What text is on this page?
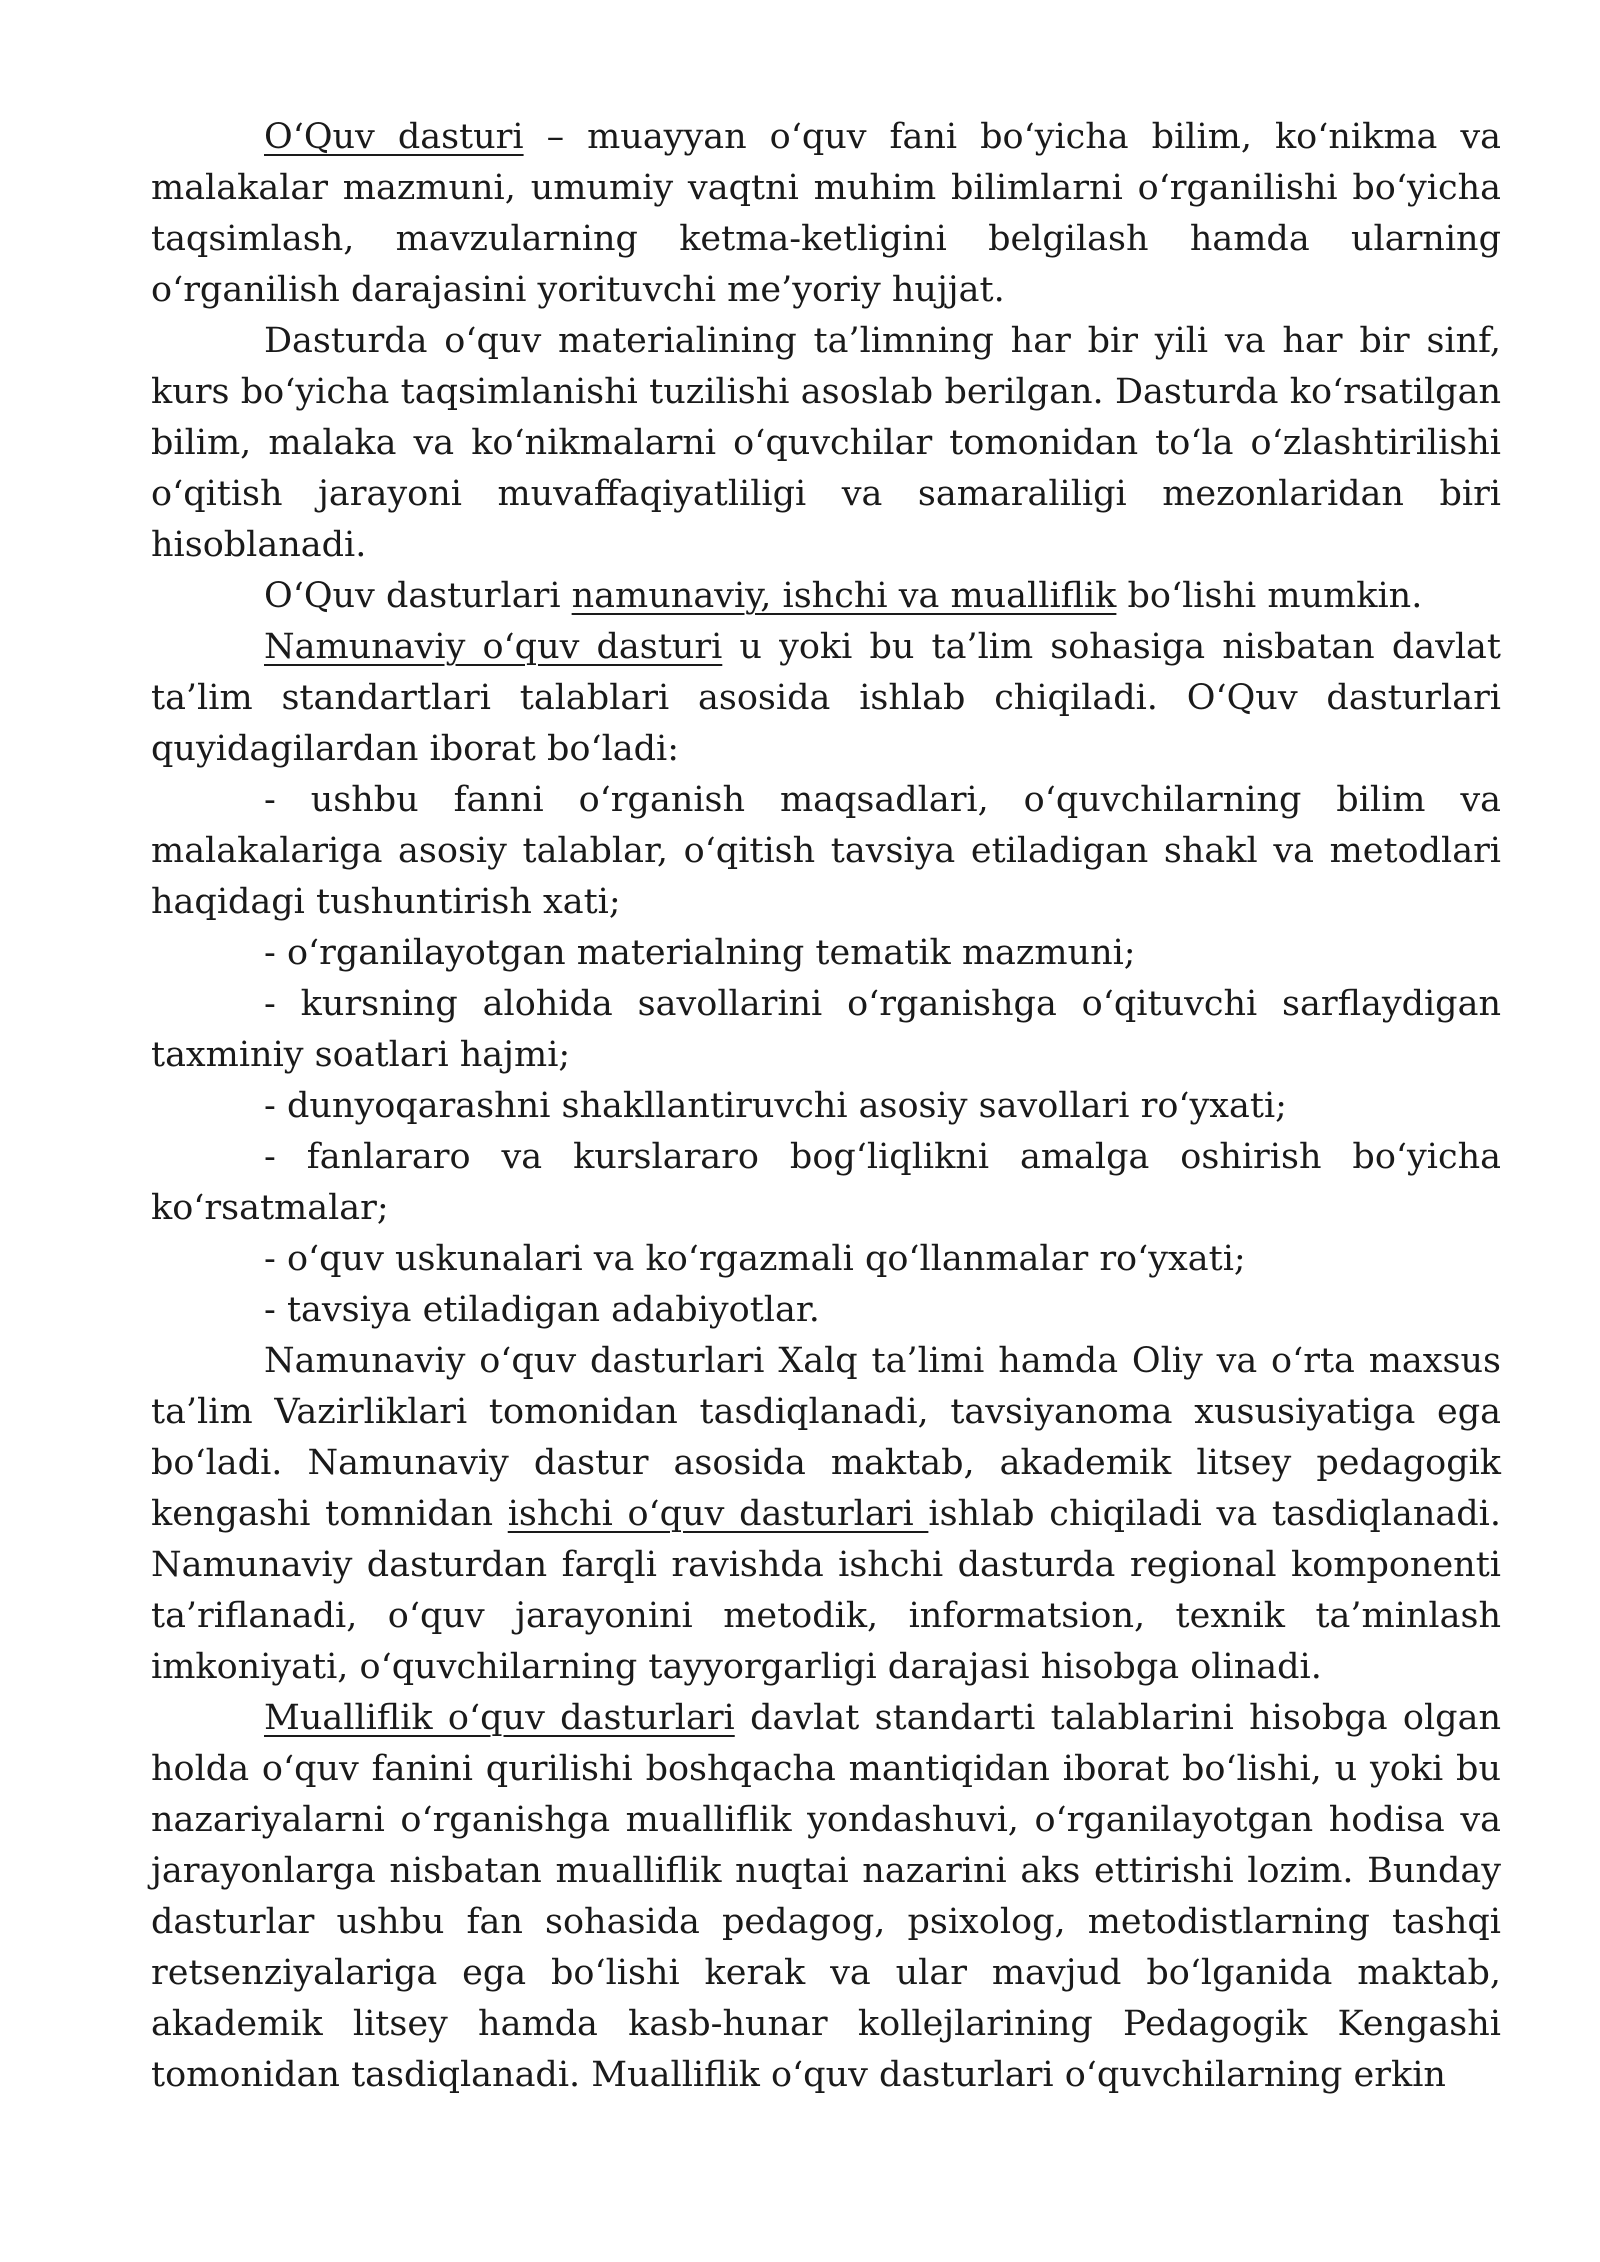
O‘Quv dasturi – muayyan o‘quv fani bo‘yicha bilim, ko‘nikma va malakalar mazmuni, umumiy vaqtni muhim bilimlarni o‘rganilishi bo‘yicha taqsimlash, mavzularning ketma-ketligini belgilash hamda ularning o‘rganilish darajasini yorituvchi me’yoriy hujjat.

Dasturda o‘quv materialining ta’limning har bir yili va har bir sinf, kurs bo‘yicha taqsimlanishi tuzilishi asoslab berilgan. Dasturda ko‘rsatilgan bilim, malaka va ko‘nikmalarni o‘quvchilar tomonidan to‘la o‘zlashtirilishi o‘qitish jarayoni muvaffaqiyatliligi va samaraliligi mezonlaridan biri hisoblanadi.

O‘Quv dasturlari namunaviy, ishchi va mualliflik bo‘lishi mumkin.

Namunaviy o‘quv dasturi u yoki bu ta’lim sohasiga nisbatan davlat ta’lim standartlari talablari asosida ishlab chiqiladi. O‘Quv dasturlari quyidagilardan iborat bo‘ladi:

- ushbu fanni o‘rganish maqsadlari, o‘quvchilarning bilim va malakalariga asosiy talablar, o‘qitish tavsiya etiladigan shakl va metodlari haqidagi tushuntirish xati;

- o‘rganilayotgan materialning tematik mazmuni;

- kursning alohida savollarini o‘rganishga o‘qituvchi sarflaydigan taxminiy soatlari hajmi;

- dunyoqarashni shakllantiruvchi asosiy savollari ro‘yxati;

- fanlararo va kurslararo bog‘liqlikni amalga oshirish bo‘yicha ko‘rsatmalar;

- o‘quv uskunalari va ko‘rgazmali qo‘llanmalar ro‘yxati;

- tavsiya etiladigan adabiyotlar.

Namunaviy o‘quv dasturlari Xalq ta’limi hamda Oliy va o‘rta maxsus ta’lim Vazirliklari tomonidan tasdiqlanadi, tavsiyanoma xususiyatiga ega bo‘ladi. Namunaviy dastur asosida maktab, akademik litsey pedagogik kengashi tomnidan ishchi o‘quv dasturlari ishlab chiqiladi va tasdiqlanadi. Namunaviy dasturdan farqli ravishda ishchi dasturda regional komponenti ta’riflanadi, o‘quv jarayonini metodik, informatsion, texnik ta’minlash imkoniyati, o‘quvchilarning tayyorgarligi darajasi hisobga olinadi.

Mualliflik o‘quv dasturlari davlat standarti talablarini hisobga olgan holda o‘quv fanini qurilishi boshqacha mantiqidan iborat bo‘lishi, u yoki bu nazariyalarni o‘rganishga mualliflik yondashuvi, o‘rganilayotgan hodisa va jarayonlarga nisbatan mualliflik nuqtai nazarini aks ettirishi lozim. Bunday dasturlar ushbu fan sohasida pedagog, psixolog, metodistlarning tashqi retsenziyalariga ega bo‘lishi kerak va ular mavjud bo‘lganida maktab, akademik litsey hamda kasb-hunar kollejlarining Pedagogik Kengashi tomonidan tasdiqlanadi. Mualliflik o‘quv dasturlari o‘quvchilarning erkin
